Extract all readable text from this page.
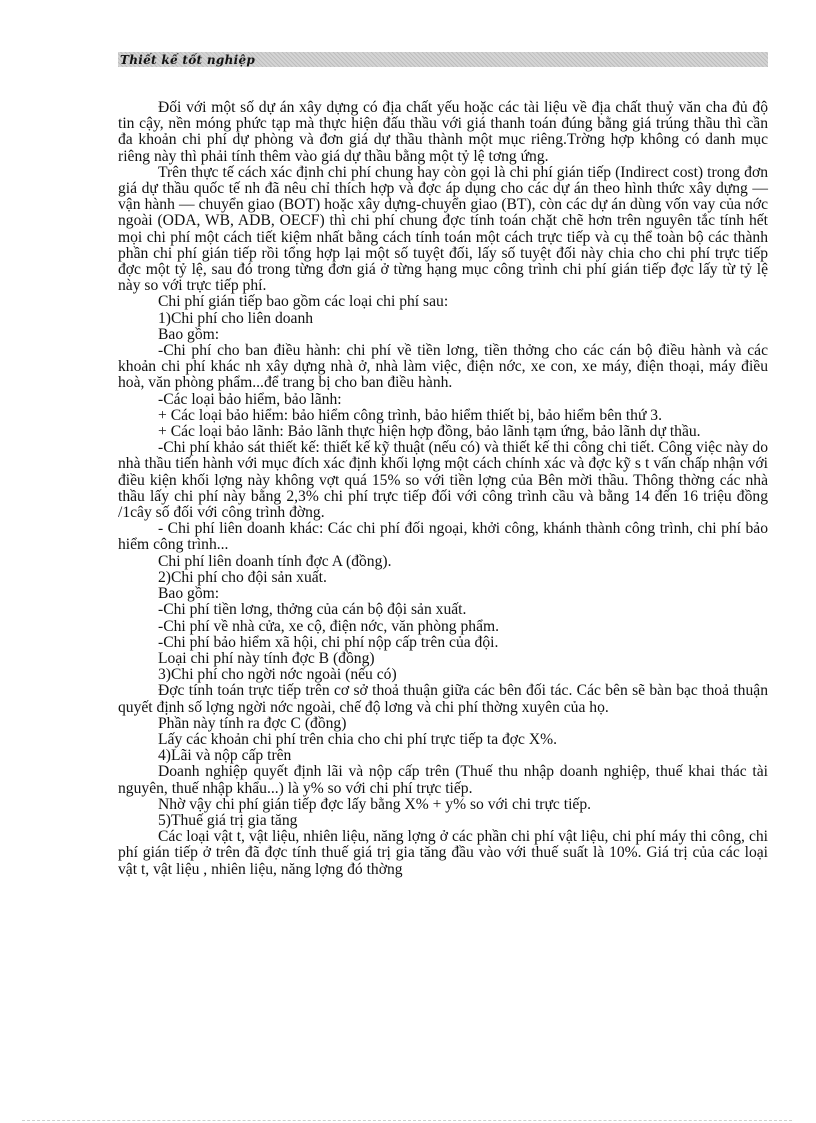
Thiết kế tốt nghiệp

Đối với một số dự án xây dựng có địa chất yếu hoặc các tài liệu về địa chất thuỷ văn cha đủ độ tin cậy, nền móng phức tạp mà thực hiện đấu thầu với giá thanh toán đúng bằng giá trúng thầu thì cần đa khoản chi phí dự phòng và đơn giá dự thầu thành một mục riêng.Trờng hợp không có danh mục riêng này thì phải tính thêm vào giá dự thầu bằng một tỷ lệ tơng ứng.

Trên thực tế cách xác định chi phí chung hay còn gọi là chi phí gián tiếp (Indirect cost) trong đơn giá dự thầu quốc tế nh đã nêu chỉ thích hợp và đợc áp dụng cho các dự án theo hình thức xây dựng — vận hành — chuyển giao (BOT) hoặc xây dựng-chuyển giao (BT), còn các dự án dùng vốn vay của nớc ngoài (ODA, WB, ADB, OECF) thì chi phí chung đợc tính toán chặt chẽ hơn trên nguyên tắc tính hết mọi chi phí một cách tiết kiệm nhất bằng cách tính toán một cách trực tiếp và cụ thể toàn bộ các thành phần chi phí gián tiếp rồi tổng hợp lại một số tuyệt đối, lấy số tuyệt đối này chia cho chi phí trực tiếp đợc một tỷ lệ, sau đó trong từng đơn giá ở từng hạng mục công trình chi phí gián tiếp đợc lấy từ tỷ lệ này so với trực tiếp phí.

Chi phí gián tiếp bao gồm các loại chi phí sau:

1)Chi phí cho liên doanh

Bao gồm:

-Chi phí cho ban điều hành: chi phí về tiền lơng, tiền thởng cho các cán bộ điều hành và các khoản chi phí khác nh xây dựng nhà ở, nhà làm việc, điện nớc, xe con, xe máy, điện thoại, máy điều hoà, văn phòng phẩm...để trang bị cho ban điều hành.

-Các loại bảo hiểm, bảo lãnh:

+ Các loại bảo hiểm: bảo hiểm công trình, bảo hiểm thiết bị, bảo hiểm bên thứ 3.

+ Các loại bảo lãnh: Bảo lãnh thực hiện hợp đồng, bảo lãnh tạm ứng, bảo lãnh dự thầu.

-Chi phí khảo sát thiết kế: thiết kế kỹ thuật (nếu có) và thiết kế thi công chi tiết. Công việc này do nhà thầu tiến hành với mục đích xác định khối lợng một cách chính xác và đợc kỹ s t vấn chấp nhận với điều kiện khối lợng này không vợt quá 15% so với tiền lợng của Bên mời thầu. Thông thờng các nhà thầu lấy chi phí này bằng 2,3% chi phí trực tiếp đối với công trình cầu và bằng 14 đến 16 triệu đồng /1cây số đối với công trình đờng.

- Chi phí liên doanh khác: Các chi phí đối ngoại, khởi công, khánh thành công trình, chi phí bảo hiểm công trình...

Chi phí liên doanh tính đợc A (đồng).

2)Chi phí cho đội sản xuất.

Bao gồm:

-Chi phí tiền lơng, thởng của cán bộ đội sản xuất.

-Chi phí về nhà cửa, xe cộ, điện nớc, văn phòng phẩm.

-Chi phí bảo hiểm xã hội, chi phí nộp cấp trên của đội.

Loại chi phí này tính đợc B (đồng)

3)Chi phí cho ngời nớc ngoài (nếu có)

Đợc tính toán trực tiếp trên cơ sở thoả thuận giữa các bên đối tác. Các bên sẽ bàn bạc thoả thuận quyết định số lợng ngời nớc ngoài, chế độ lơng và chi phí thờng xuyên của họ.

Phần này tính ra đợc C (đồng)

Lấy các khoản chi phí trên chia cho chi phí trực tiếp ta đợc X%.

4)Lãi và nộp cấp trên

Doanh nghiệp quyết định lãi và nộp cấp trên (Thuế thu nhập doanh nghiệp, thuế khai thác tài nguyên, thuế nhập khẩu...) là y% so với chi phí trực tiếp.

Nhờ vậy chi phí gián tiếp đợc lấy bằng X% + y% so với chi trực tiếp.

5)Thuế giá trị gia tăng

Các loại vật t, vật liệu, nhiên liệu, năng lợng ở các phần chi phí vật liệu, chi phí máy thi công, chi phí gián tiếp ở trên đã đợc tính thuế giá trị gia tăng đầu vào với thuế suất là 10%. Giá trị của các loại vật t, vật liệu , nhiên liệu, năng lợng đó thờng
